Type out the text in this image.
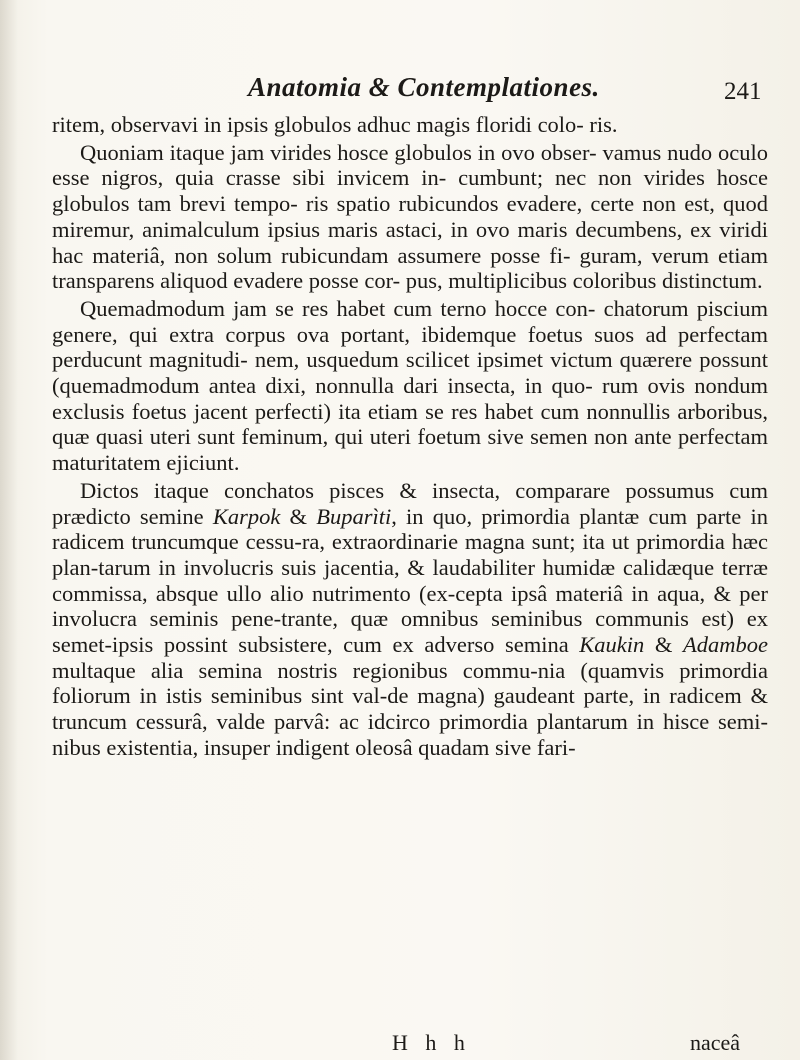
Anatomia & Contemplationes.	241

ritem, observavi in ipsis globulos adhuc magis floridi colo- ris.

Quoniam itaque jam virides hosce globulos in ovo obser- vamus nudo oculo esse nigros, quia crasse sibi invicem in- cumbunt; nec non virides hosce globulos tam brevi tempo- ris spatio rubicundos evadere, certe non est, quod miremur, animalculum ipsius maris astaci, in ovo maris decumbens, ex viridi hac materiâ, non solum rubicundam assumere posse fi- guram, verum etiam transparens aliquod evadere posse cor- pus, multiplicibus coloribus distinctum.

Quemadmodum jam se res habet cum terno hocce con- chatorum piscium genere, qui extra corpus ova portant, ibidemque foetus suos ad perfectam perducunt magnitudi- nem, usquedum scilicet ipsimet victum quærere possunt (quemadmodum antea dixi, nonnulla dari insecta, in quo- rum ovis nondum exclusis foetus jacent perfecti) ita etiam se res habet cum nonnullis arboribus, quæ quasi uteri sunt feminum, qui uteri foetum sive semen non ante perfectam maturitatem ejiciunt.

Dictos itaque conchatos pisces & insecta, comparare possumus cum prædicto semine Karpok & Buparìti, in quo, primordia plantæ cum parte in radicem truncumque cessu-ra, extraordinarie magna sunt; ita ut primordia hæc plan-tarum in involucris suis jacentia, & laudabiliter humidæ calidæque terræ commissa, absque ullo alio nutrimento (ex-cepta ipsâ materiâ in aqua, & per involucra seminis pene-trante, quæ omnibus seminibus communis est) ex semet-ipsis possint subsistere, cum ex adverso semina Kaukin & Adamboe multaque alia semina nostris regionibus commu-nia (quamvis primordia foliorum in istis seminibus sint val-de magna) gaudeant parte, in radicem & truncum cessurâ, valde parvâ: ac idcirco primordia plantarum in hisce semi-nibus existentia, insuper indigent oleosâ quadam sive fari-

H h h	naceâ
